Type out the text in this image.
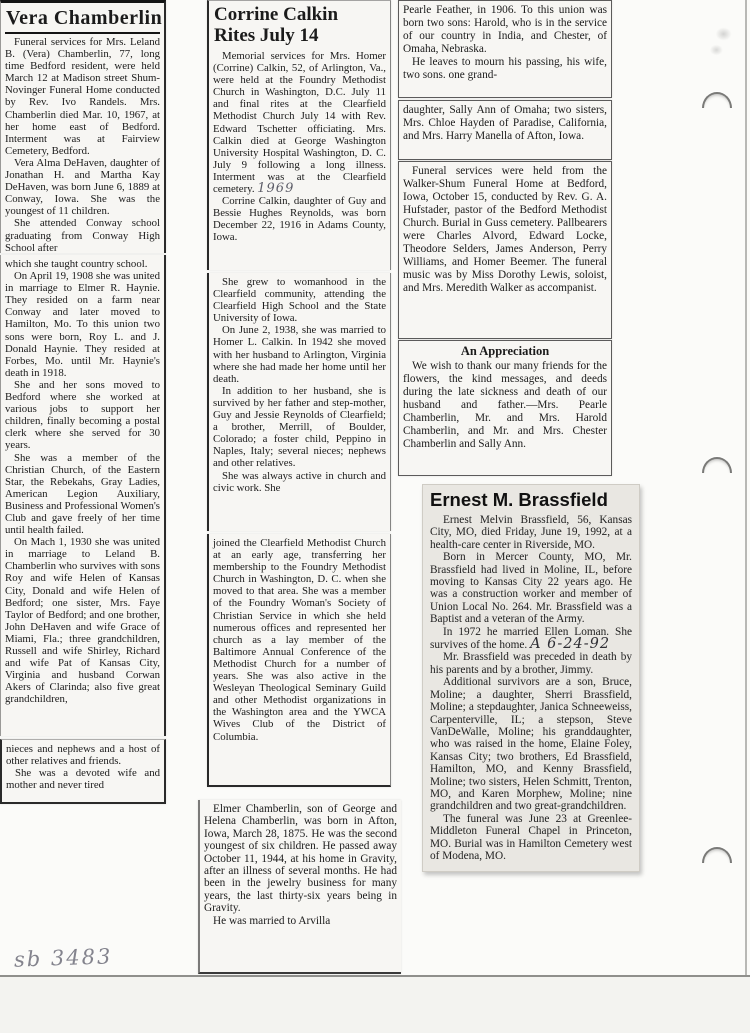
Vera Chamberlin

Funeral services for Mrs. Leland B. (Vera) Chamberlin, 77, long time Bedford resident, were held March 12 at Madison street Shum-Novinger Funeral Home conducted by Rev. Ivo Randels. Mrs. Chamberlin died Mar. 10, 1967, at her home east of Bedford. Interment was at Fairview Cemetery, Bedford.

Vera Alma DeHaven, daughter of Jonathan H. and Martha Kay DeHaven, was born June 6, 1889 at Conway, Iowa. She was the youngest of 11 children.

She attended Conway school graduating from Conway High School after

which she taught country school.

On April 19, 1908 she was united in marriage to Elmer R. Haynie. They resided on a farm near Conway and later moved to Hamilton, Mo. To this union two sons were born, Roy L. and J. Donald Haynie. They resided at Forbes, Mo. until Mr. Haynie's death in 1918.

She and her sons moved to Bedford where she worked at various jobs to support her children, finally becoming a postal clerk where she served for 30 years.

She was a member of the Christian Church, of the Eastern Star, the Rebekahs, Gray Ladies, American Legion Auxiliary, Business and Professional Women's Club and gave freely of her time until health failed.

On Mach 1, 1930 she was united in marriage to Leland B. Chamberlin who survives with sons Roy and wife Helen of Kansas City, Donald and wife Helen of Bedford; one sister, Mrs. Faye Taylor of Bedford; and one brother, John DeHaven and wife Grace of Miami, Fla.; three grandchildren, Russell and wife Shirley, Richard and wife Pat of Kansas City, Virginia and husband Corwan Akers of Clarinda; also five great grandchildren,

nieces and nephews and a host of other relatives and friends.

She was a devoted wife and mother and never tired

Corrine Calkin
Rites July 14

Memorial services for Mrs. Homer (Corrine) Calkin, 52, of Arlington, Va., were held at the Foundry Methodist Church in Washington, D.C. July 11 and final rites at the Clearfield Methodist Church July 14 with Rev. Edward Tschetter officiating. Mrs. Calkin died at George Washington University Hospital Washington, D. C. July 9 following a long illness. Interment was at the Clearfield cemetery. 1969

Corrine Calkin, daughter of Guy and Bessie Hughes Reynolds, was born December 22, 1916 in Adams County, Iowa.

She grew to womanhood in the Clearfield community, attending the Clearfield High School and the State University of Iowa.

On June 2, 1938, she was married to Homer L. Calkin. In 1942 she moved with her husband to Arlington, Virginia where she had made her home until her death.

In addition to her husband, she is survived by her father and step-mother, Guy and Jessie Reynolds of Clearfield; a brother, Merrill, of Boulder, Colorado; a foster child, Peppino in Naples, Italy; several nieces; nephews and other relatives.

She was always active in church and civic work. She

joined the Clearfield Methodist Church at an early age, transferring her membership to the Foundry Methodist Church in Washington, D. C. when she moved to that area. She was a member of the Foundry Woman's Society of Christian Service in which she held numerous offices and represented her church as a lay member of the Baltimore Annual Conference of the Methodist Church for a number of years. She was also active in the Wesleyan Theological Seminary Guild and other Methodist organizations in the Washington area and the YWCA Wives Club of the District of Columbia.

Elmer Chamberlin, son of George and Helena Chamberlin, was born in Afton, Iowa, March 28, 1875. He was the second youngest of six children. He passed away October 11, 1944, at his home in Gravity, after an illness of several months. He had been in the jewelry business for many years, the last thirty-six years being in Gravity.

He was married to Arvilla

Pearle Feather, in 1906. To this union was born two sons: Harold, who is in the service of our country in India, and Chester, of Omaha, Nebraska.

He leaves to mourn his passing, his wife, two sons. one grand-

daughter, Sally Ann of Omaha; two sisters, Mrs. Chloe Hayden of Paradise, California, and Mrs. Harry Manella of Afton, Iowa.

Funeral services were held from the Walker-Shum Funeral Home at Bedford, Iowa, October 15, conducted by Rev. G. A. Hufstader, pastor of the Bedford Methodist Church. Burial in Guss cemetery. Pallbearers were Charles Alvord, Edward Locke, Theodore Selders, James Anderson, Perry Williams, and Homer Beemer. The funeral music was by Miss Dorothy Lewis, soloist, and Mrs. Meredith Walker as accompanist.

An Appreciation

We wish to thank our many friends for the flowers, the kind messages, and deeds during the late sickness and death of our husband and father.—Mrs. Pearle Chamberlin, Mr. and Mrs. Harold Chamberlin, and Mr. and Mrs. Chester Chamberlin and Sally Ann.

Ernest M. Brassfield

Ernest Melvin Brassfield, 56, Kansas City, MO, died Friday, June 19, 1992, at a health-care center in Riverside, MO.

Born in Mercer County, MO, Mr. Brassfield had lived in Moline, IL, before moving to Kansas City 22 years ago. He was a construction worker and member of Union Local No. 264. Mr. Brassfield was a Baptist and a veteran of the Army.

In 1972 he married Ellen Loman. She survives of the home. A 6-24-92

Mr. Brassfield was preceded in death by his parents and by a brother, Jimmy.

Additional survivors are a son, Bruce, Moline; a daughter, Sherri Brassfield, Moline; a stepdaughter, Janica Schneeweiss, Carpenterville, IL; a stepson, Steve VanDeWalle, Moline; his granddaughter, who was raised in the home, Elaine Foley, Kansas City; two brothers, Ed Brassfield, Hamilton, MO, and Kenny Brassfield, Moline; two sisters, Helen Schmitt, Trenton, MO, and Karen Morphew, Moline; nine grandchildren and two great-grandchildren.

The funeral was June 23 at Greenlee-Middleton Funeral Chapel in Princeton, MO. Burial was in Hamilton Cemetery west of Modena, MO.

sb 3483
